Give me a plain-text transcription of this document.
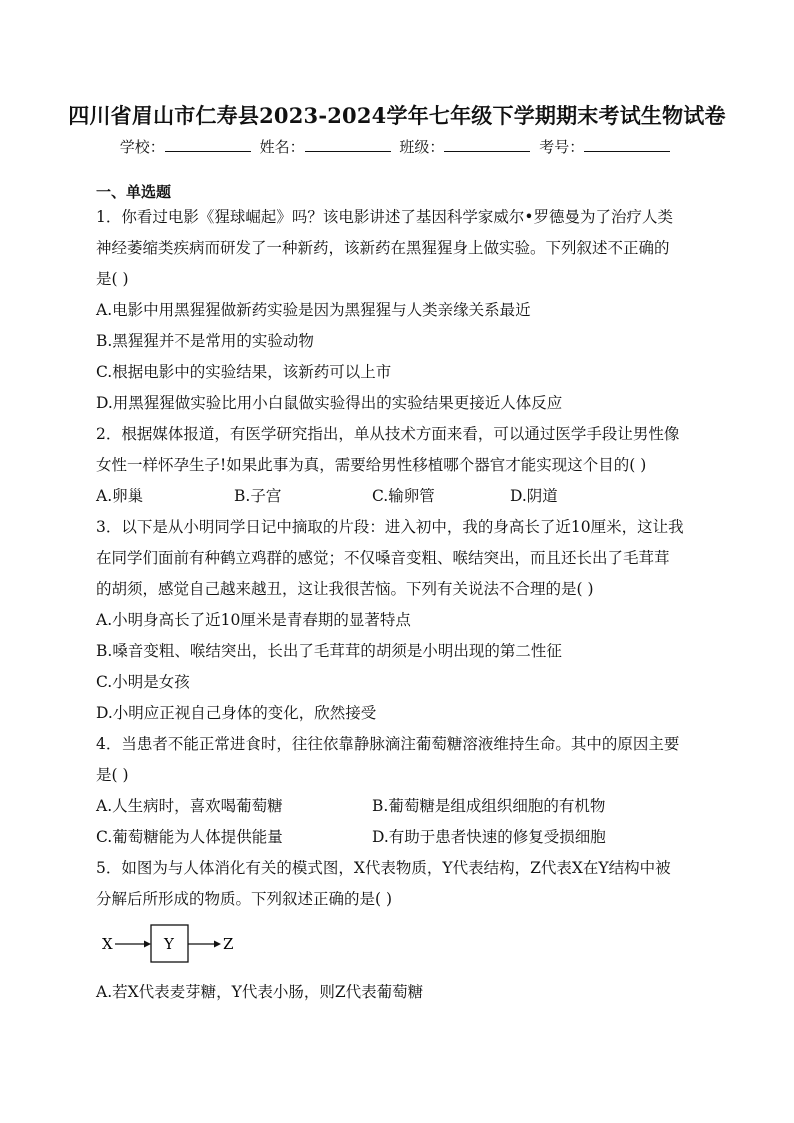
四川省眉山市仁寿县2023-2024学年七年级下学期期末考试生物试卷
学校：	姓名：	班级：	考号：
一、单选题
1．你看过电影《猩球崛起》吗？该电影讲述了基因科学家威尔•罗德曼为了治疗人类
神经萎缩类疾病而研发了一种新药，该新药在黑猩猩身上做实验。下列叙述不正确的
是( )
A.电影中用黑猩猩做新药实验是因为黑猩猩与人类亲缘关系最近
B.黑猩猩并不是常用的实验动物
C.根据电影中的实验结果，该新药可以上市
D.用黑猩猩做实验比用小白鼠做实验得出的实验结果更接近人体反应
2．根据媒体报道，有医学研究指出，单从技术方面来看，可以通过医学手段让男性像
女性一样怀孕生子!如果此事为真，需要给男性移植哪个器官才能实现这个目的( )
A.卵巢	B.子宫	C.输卵管	D.阴道
3．以下是从小明同学日记中摘取的片段：进入初中，我的身高长了近10厘米，这让我
在同学们面前有种鹤立鸡群的感觉；不仅嗓音变粗、喉结突出，而且还长出了毛茸茸
的胡须，感觉自己越来越丑，这让我很苦恼。下列有关说法不合理的是( )
A.小明身高长了近10厘米是青春期的显著特点
B.嗓音变粗、喉结突出，长出了毛茸茸的胡须是小明出现的第二性征
C.小明是女孩
D.小明应正视自己身体的变化，欣然接受
4．当患者不能正常进食时，往往依靠静脉滴注葡萄糖溶液维持生命。其中的原因主要
是( )
A.人生病时，喜欢喝葡萄糖	B.葡萄糖是组成组织细胞的有机物
C.葡萄糖能为人体提供能量	D.有助于患者快速的修复受损细胞
5．如图为与人体消化有关的模式图，X代表物质，Y代表结构，Z代表X在Y结构中被
分解后所形成的物质。下列叙述正确的是( )
X	Y	Z
A.若X代表麦芽糖，Y代表小肠，则Z代表葡萄糖
